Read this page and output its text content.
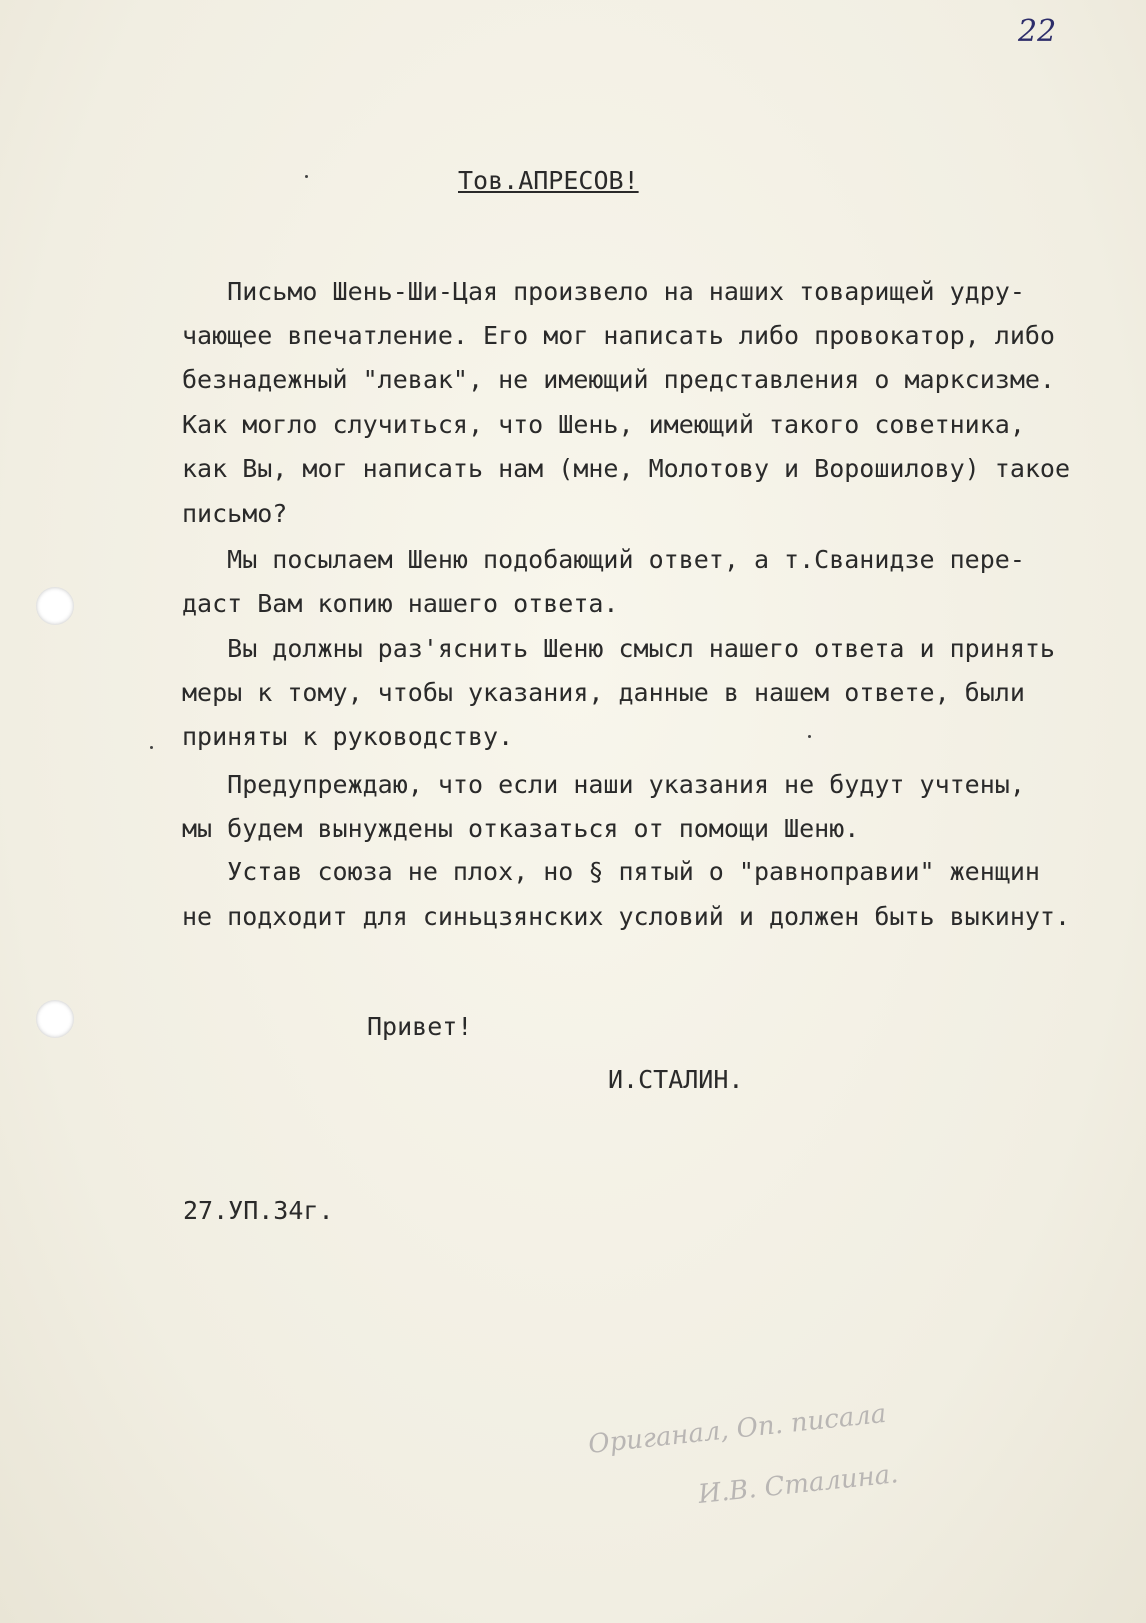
22
Тов.АПРЕСОВ!
Письмо Шень-Ши-Цая произвело на наших товарищей удру-
чающее впечатление. Его мог написать либо провокатор, либо
безнадежный "левак", не имеющий представления о марксизме.
Как могло случиться, что Шень, имеющий такого советника,
как Вы, мог написать нам (мне, Молотову и Ворошилову) такое
письмо?
Мы посылаем Шеню подобающий ответ, а т.Сванидзе пере-
даст Вам копию нашего ответа.
Вы должны раз'яснить Шеню смысл нашего ответа и принять
меры к тому, чтобы указания, данные в нашем ответе, были
приняты к руководству.
Предупреждаю, что если наши указания не будут учтены,
мы будем вынуждены отказаться от помощи Шеню.
Устав союза не плох, но § пятый о "равноправии" женщин
не подходит для синьцзянских условий и должен быть выкинут.
Привет!
И.СТАЛИН.
27.УП.34г.
Ориганал, Оп. писала
И.В. Сталина.
